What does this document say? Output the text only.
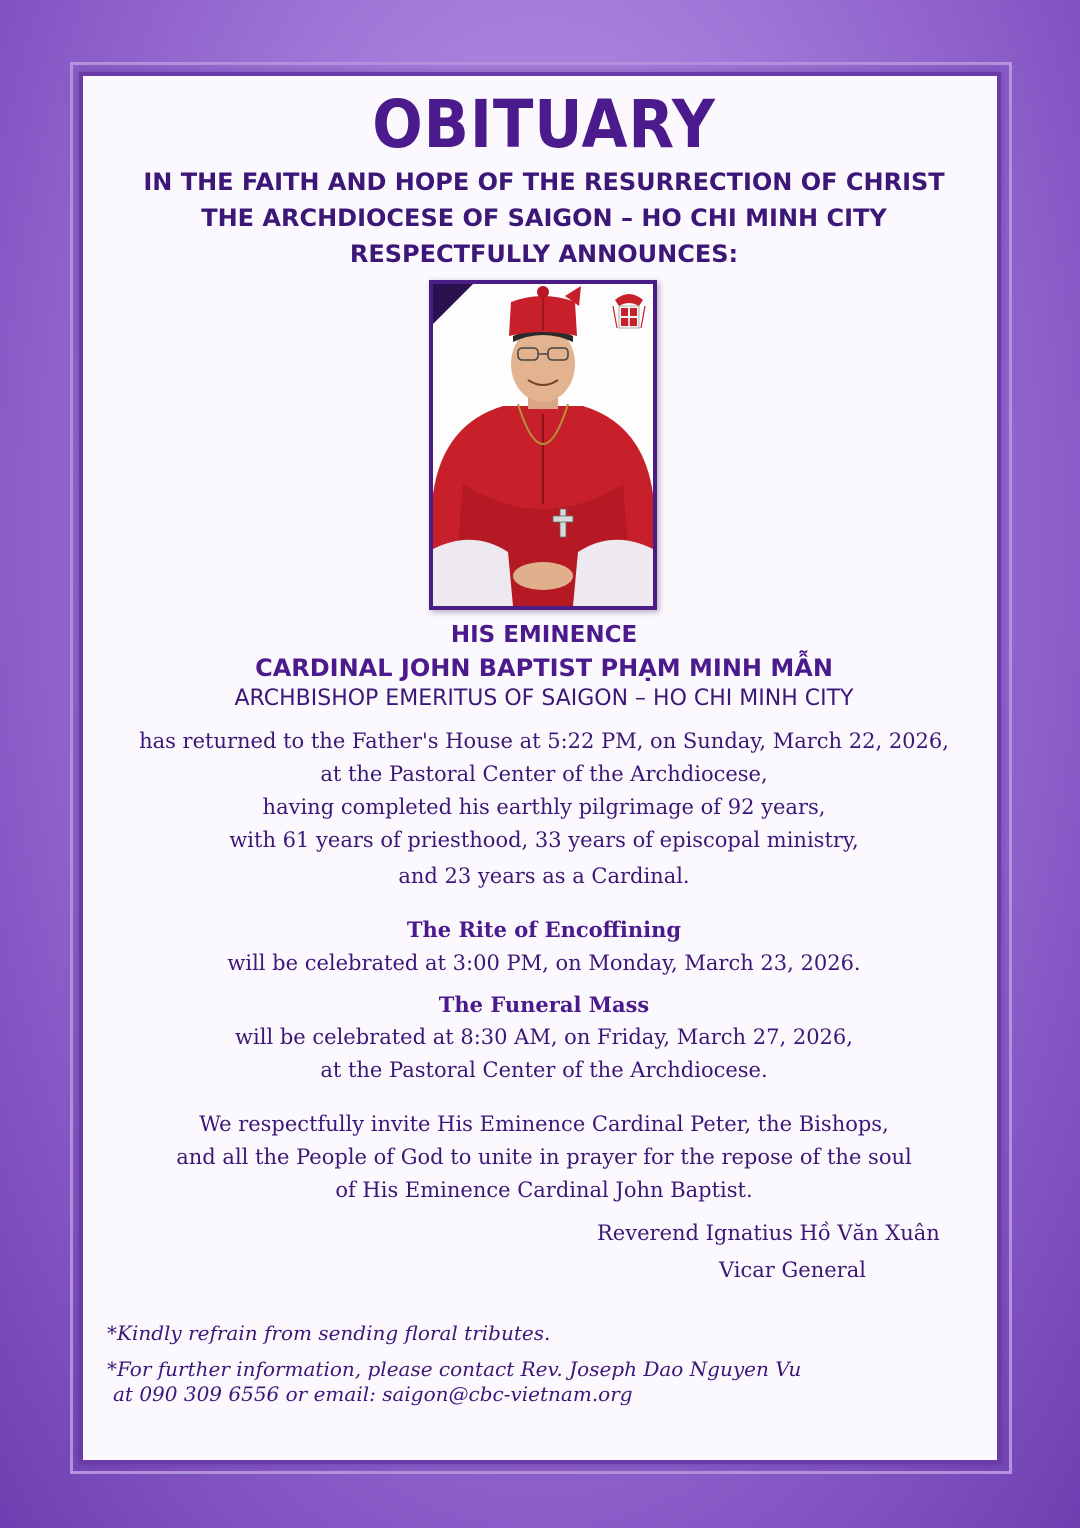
OBITUARY
IN THE FAITH AND HOPE OF THE RESURRECTION OF CHRIST
THE ARCHDIOCESE OF SAIGON – HO CHI MINH CITY
RESPECTFULLY ANNOUNCES:
HIS EMINENCE
CARDINAL JOHN BAPTIST PHẠM MINH MẪN
ARCHBISHOP EMERITUS OF SAIGON – HO CHI MINH CITY
has returned to the Father's House at 5:22 PM, on Sunday, March 22, 2026,
at the Pastoral Center of the Archdiocese,
having completed his earthly pilgrimage of 92 years,
with 61 years of priesthood, 33 years of episcopal ministry,
and 23 years as a Cardinal.
The Rite of Encoffining
will be celebrated at 3:00 PM, on Monday, March 23, 2026.
The Funeral Mass
will be celebrated at 8:30 AM, on Friday, March 27, 2026,
at the Pastoral Center of the Archdiocese.
We respectfully invite His Eminence Cardinal Peter, the Bishops,
and all the People of God to unite in prayer for the repose of the soul
of His Eminence Cardinal John Baptist.
Reverend Ignatius Hồ Văn Xuân
Vicar General
*Kindly refrain from sending floral tributes.
*For further information, please contact Rev. Joseph Dao Nguyen Vu
at 090 309 6556 or email: saigon@cbc-vietnam.org
